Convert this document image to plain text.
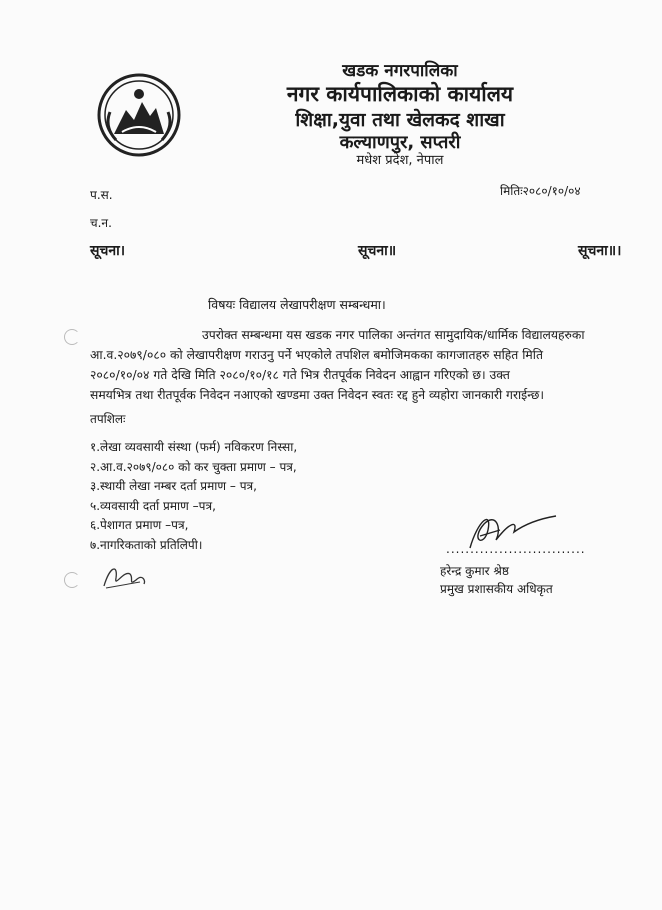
खडक नगरपालिका
नगर कार्यपालिकाको कार्यालय
शिक्षा,युवा तथा खेलकद शाखा
कल्याणपुर, सप्तरी
मधेश प्रदेश, नेपाल
प.स.
च.न.
मितिः२०८०/१०/०४
सूचना।	सूचना॥	सूचना॥।
विषयः विद्यालय लेखापरीक्षण सम्बन्धमा।
उपरोक्त सम्बन्धमा यस खडक नगर पालिका अन्तंगत सामुदायिक/धार्मिक विद्यालयहरुका
आ.व.२०७९/०८० को लेखापरीक्षण गराउनु पर्ने भएकोले तपशिल बमोजिमकका कागजातहरु सहित मिति
२०८०/१०/०४ गते देखि मिति २०८०/१०/१८ गते भित्र रीतपूर्वक निवेदन आह्वान गरिएको छ। उक्त
समयभित्र तथा रीतपूर्वक निवेदन नआएको खण्डमा उक्त निवेदन स्वतः रद्द हुने व्यहोरा जानकारी गराईन्छ।
तपशिलः
१.लेखा व्यवसायी संस्था (फर्म) नविकरण निस्सा,
२.आ.व.२०७९/०८० को कर चुक्ता प्रमाण – पत्र,
३.स्थायी लेखा नम्बर दर्ता प्रमाण – पत्र,
५.व्यवसायी दर्ता प्रमाण –पत्र,
६.पेशागत प्रमाण –पत्र,
७.नागरिकताको प्रतिलिपी।	.............................
हरेन्द्र कुमार श्रेष्ठ
प्रमुख प्रशासकीय अधिकृत
